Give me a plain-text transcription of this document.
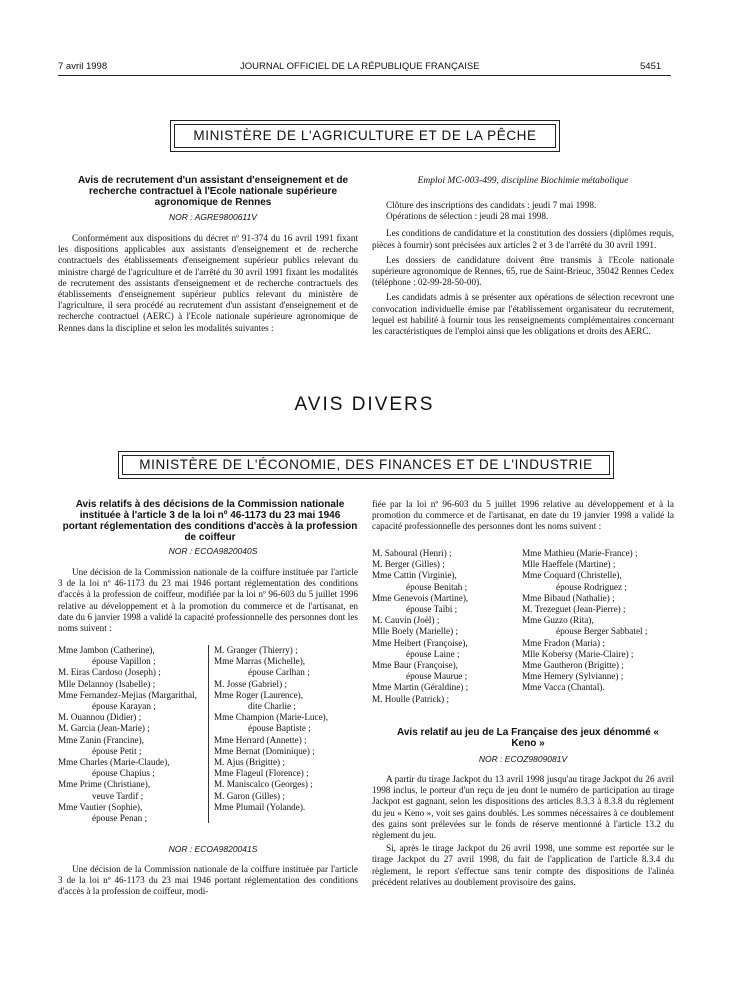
7 avril 1998	JOURNAL OFFICIEL DE LA RÉPUBLIQUE FRANÇAISE	5451
MINISTÈRE DE L'AGRICULTURE ET DE LA PÊCHE
Avis de recrutement d'un assistant d'enseignement et de recherche contractuel à l'Ecole nationale supérieure agronomique de Rennes
NOR : AGRE9800611V

Conformément aux dispositions du décret nº 91-374 du 16 avril 1991 fixant les dispositions applicables aux assistants d'enseignement et de recherche contractuels des établissements d'enseignement supérieur publics relevant du ministre chargé de l'agriculture et de l'arrêté du 30 avril 1991 fixant les modalités de recrutement des assistants d'enseignement et de recherche contractuels des établissements d'enseignement supérieur publics relevant du ministère de l'agriculture, il sera procédé au recrutement d'un assistant d'enseignement et de recherche contractuel (AERC) à l'Ecole nationale supérieure agronomique de Rennes dans la discipline et selon les modalités suivantes :

Emploi MC-003-499, discipline Biochimie métabolique

Clôture des inscriptions des candidats : jeudi 7 mai 1998.

Opérations de sélection : jeudi 28 mai 1998.

Les conditions de candidature et la constitution des dossiers (diplômes requis, pièces à fournir) sont précisées aux articles 2 et 3 de l'arrêté du 30 avril 1991.

Les dossiers de candidature doivent être transmis à l'Ecole nationale supérieure agronomique de Rennes, 65, rue de Saint-Brieuc, 35042 Rennes Cedex (téléphone : 02-99-28-50-00).

Les candidats admis à se présenter aux opérations de sélection recevront une convocation individuelle émise par l'établissement organisateur du recrutement, lequel est habilité à fournir tous les renseignements complémentaires concernant les caractéristiques de l'emploi ainsi que les obligations et droits des AERC.

AVIS DIVERS
MINISTÈRE DE L'ÉCONOMIE, DES FINANCES ET DE L'INDUSTRIE
Avis relatifs à des décisions de la Commission nationale instituée à l'article 3 de la loi nº 46-1173 du 23 mai 1946 portant réglementation des conditions d'accès à la profession de coiffeur
NOR : ECOA9820040S

Une décision de la Commission nationale de la coiffure instituée par l'article 3 de la loi nº 46-1173 du 23 mai 1946 portant réglementation des conditions d'accès à la profession de coiffeur, modifiée par la loi nº 96-603 du 5 juillet 1996 relative au développement et à la promotion du commerce et de l'artisanat, en date du 6 janvier 1998 a validé la capacité professionnelle des personnes dont les noms suivent :

Mme Jambon (Catherine),
épouse Vapillon ;
M. Eiras Cardoso (Joseph) ;
Mlle Delannoy (Isabelle) ;
Mme Fernandez-Mejias (Margarithal,
épouse Karayan ;
M. Ouannou (Didier) ;
M. Garcia (Jean-Marie) ;
Mme Zanin (Francine),
épouse Petit ;
Mme Charles (Marie-Claude),
épouse Chapius ;
Mme Prime (Christiane),
veuve Tardif ;
Mme Vautier (Sophie),
épouse Penan ;
M. Granger (Thierry) ;
Mme Marras (Michelle),
épouse Carlhan ;
M. Josse (Gabriel) ;
Mme Roger (Laurence),
dite Charlie ;
Mme Champion (Marie-Luce),
épouse Baptiste ;
Mme Herrard (Annette) ;
Mme Bernat (Dominique) ;
M. Ajus (Brigitte) ;
Mme Flageul (Florence) ;
M. Maniscalco (Georges) ;
M. Garon (Gilles) ;
Mme Plumail (Yolande).
NOR : ECOA9820041S

Une décision de la Commission nationale de la coiffure instituée par l'article 3 de la loi nº 46-1173 du 23 mai 1946 portant réglementation des conditions d'accès à la profession de coiffeur, modi-

fiée par la loi nº 96-603 du 5 juillet 1996 relative au développement et à la promotion du commerce et de l'artisanat, en date du 19 janvier 1998 a validé la capacité professionnelle des personnes dont les noms suivent :

M. Saboural (Henri) ;
M. Berger (Gilles) ;
Mme Cattin (Virginie),
épouse Benitah ;
Mme Genevois (Martine),
épouse Taïbi ;
M. Cauvin (Joël) ;
Mlle Boely (Marielle) ;
Mme Heibert (Françoise),
épouse Laine ;
Mme Baur (Françoise),
épouse Maurue ;
Mme Martin (Géraldine) ;
M. Houlle (Patrick) ;
Mme Mathieu (Marie-France) ;
Mlle Haeffele (Martine) ;
Mme Coquard (Christelle),
épouse Rodriguez ;
Mme Bibaud (Nathalie) ;
M. Trezeguet (Jean-Pierre) ;
Mme Guzzo (Rita),
épouse Berger Sabbatel ;
Mme Fradon (Maria) ;
Mlle Kobersy (Marie-Claire) ;
Mme Gautheron (Brigitte) ;
Mme Hemery (Sylvianne) ;
Mme Vacca (Chantal).
Avis relatif au jeu de La Française des jeux dénommé « Keno »
NOR : ECOZ9809081V

A partir du tirage Jackpot du 13 avril 1998 jusqu'au tirage Jackpot du 26 avril 1998 inclus, le porteur d'un reçu de jeu dont le numéro de participation au tirage Jackpot est gagnant, selon les dispositions des articles 8.3.3 à 8.3.8 du règlement du jeu « Keno », voit ses gains doublés. Les sommes nécessaires à ce doublement des gains sont prélevées sur le fonds de réserve mentionné à l'article 13.2 du règlement du jeu.

Si, après le tirage Jackpot du 26 avril 1998, une somme est reportée sur le tirage Jackpot du 27 avril 1998, du fait de l'application de l'article 8.3.4 du règlement, le report s'effectue sans tenir compte des dispositions de l'alinéa précédent relatives au doublement provisoire des gains.
